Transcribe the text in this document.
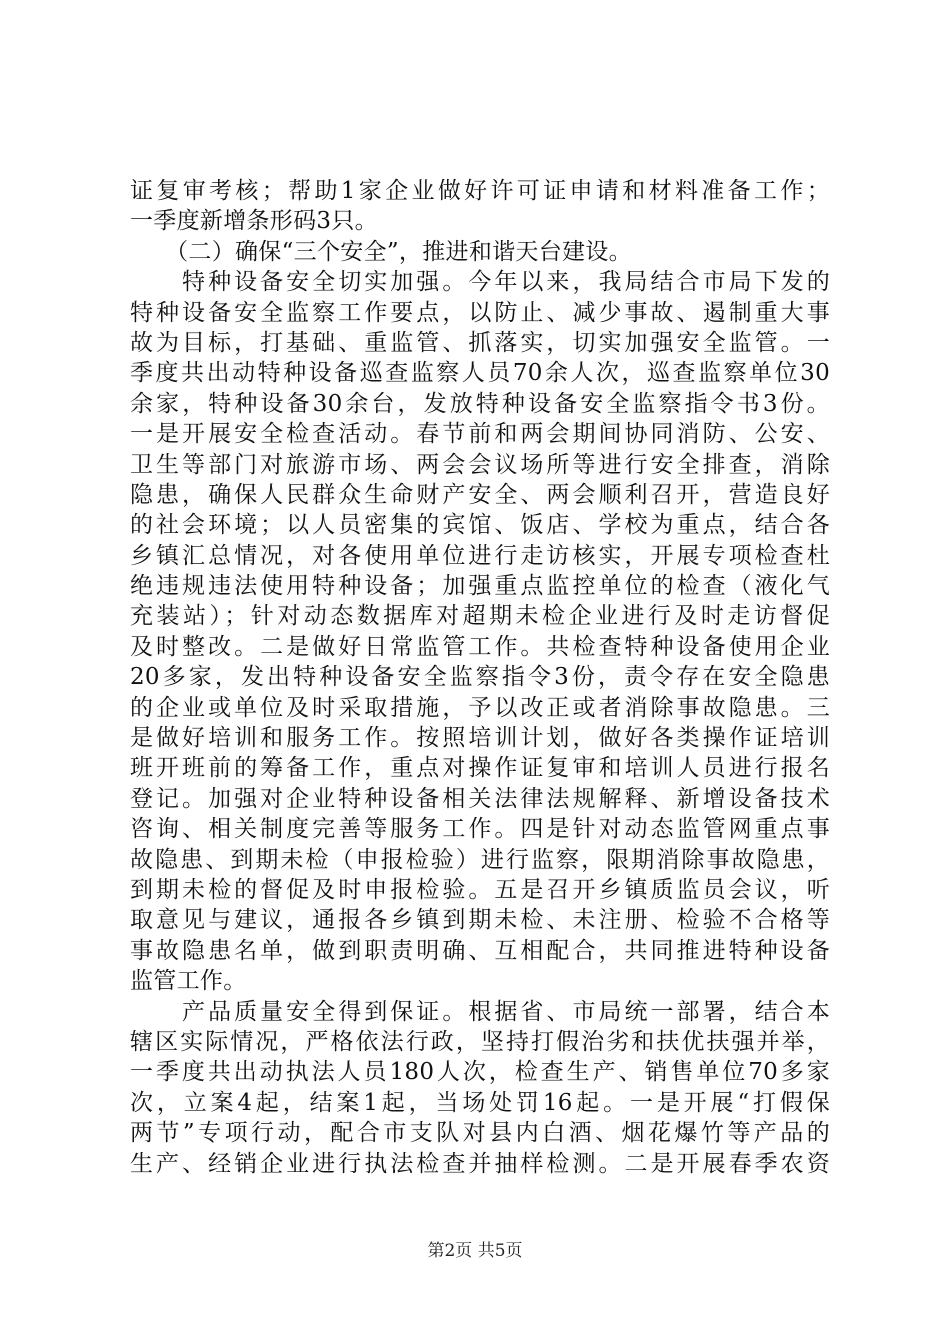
证复审考核；帮助1家企业做好许可证申请和材料准备工作；
一季度新增条形码3只。
　　（二）确保“三个安全”，推进和谐天台建设。
　　特种设备安全切实加强。今年以来，我局结合市局下发的
特种设备安全监察工作要点，以防止、减少事故、遏制重大事
故为目标，打基础、重监管、抓落实，切实加强安全监管。一
季度共出动特种设备巡查监察人员70余人次，巡查监察单位30
余家，特种设备30余台，发放特种设备安全监察指令书3份。
一是开展安全检查活动。春节前和两会期间协同消防、公安、
卫生等部门对旅游市场、两会会议场所等进行安全排查，消除
隐患，确保人民群众生命财产安全、两会顺利召开，营造良好
的社会环境；以人员密集的宾馆、饭店、学校为重点，结合各
乡镇汇总情况，对各使用单位进行走访核实，开展专项检查杜
绝违规违法使用特种设备；加强重点监控单位的检查（液化气
充装站）；针对动态数据库对超期未检企业进行及时走访督促
及时整改。二是做好日常监管工作。共检查特种设备使用企业
20多家，发出特种设备安全监察指令3份，责令存在安全隐患
的企业或单位及时采取措施，予以改正或者消除事故隐患。三
是做好培训和服务工作。按照培训计划，做好各类操作证培训
班开班前的筹备工作，重点对操作证复审和培训人员进行报名
登记。加强对企业特种设备相关法律法规解释、新增设备技术
咨询、相关制度完善等服务工作。四是针对动态监管网重点事
故隐患、到期未检（申报检验）进行监察，限期消除事故隐患，
到期未检的督促及时申报检验。五是召开乡镇质监员会议，听
取意见与建议，通报各乡镇到期未检、未注册、检验不合格等
事故隐患名单，做到职责明确、互相配合，共同推进特种设备
监管工作。
　　产品质量安全得到保证。根据省、市局统一部署，结合本
辖区实际情况，严格依法行政，坚持打假治劣和扶优扶强并举，
一季度共出动执法人员180人次，检查生产、销售单位70多家
次，立案4起，结案1起，当场处罚16起。一是开展“打假保
两节”专项行动，配合市支队对县内白酒、烟花爆竹等产品的
生产、经销企业进行执法检查并抽样检测。二是开展春季农资
第2页 共5页
